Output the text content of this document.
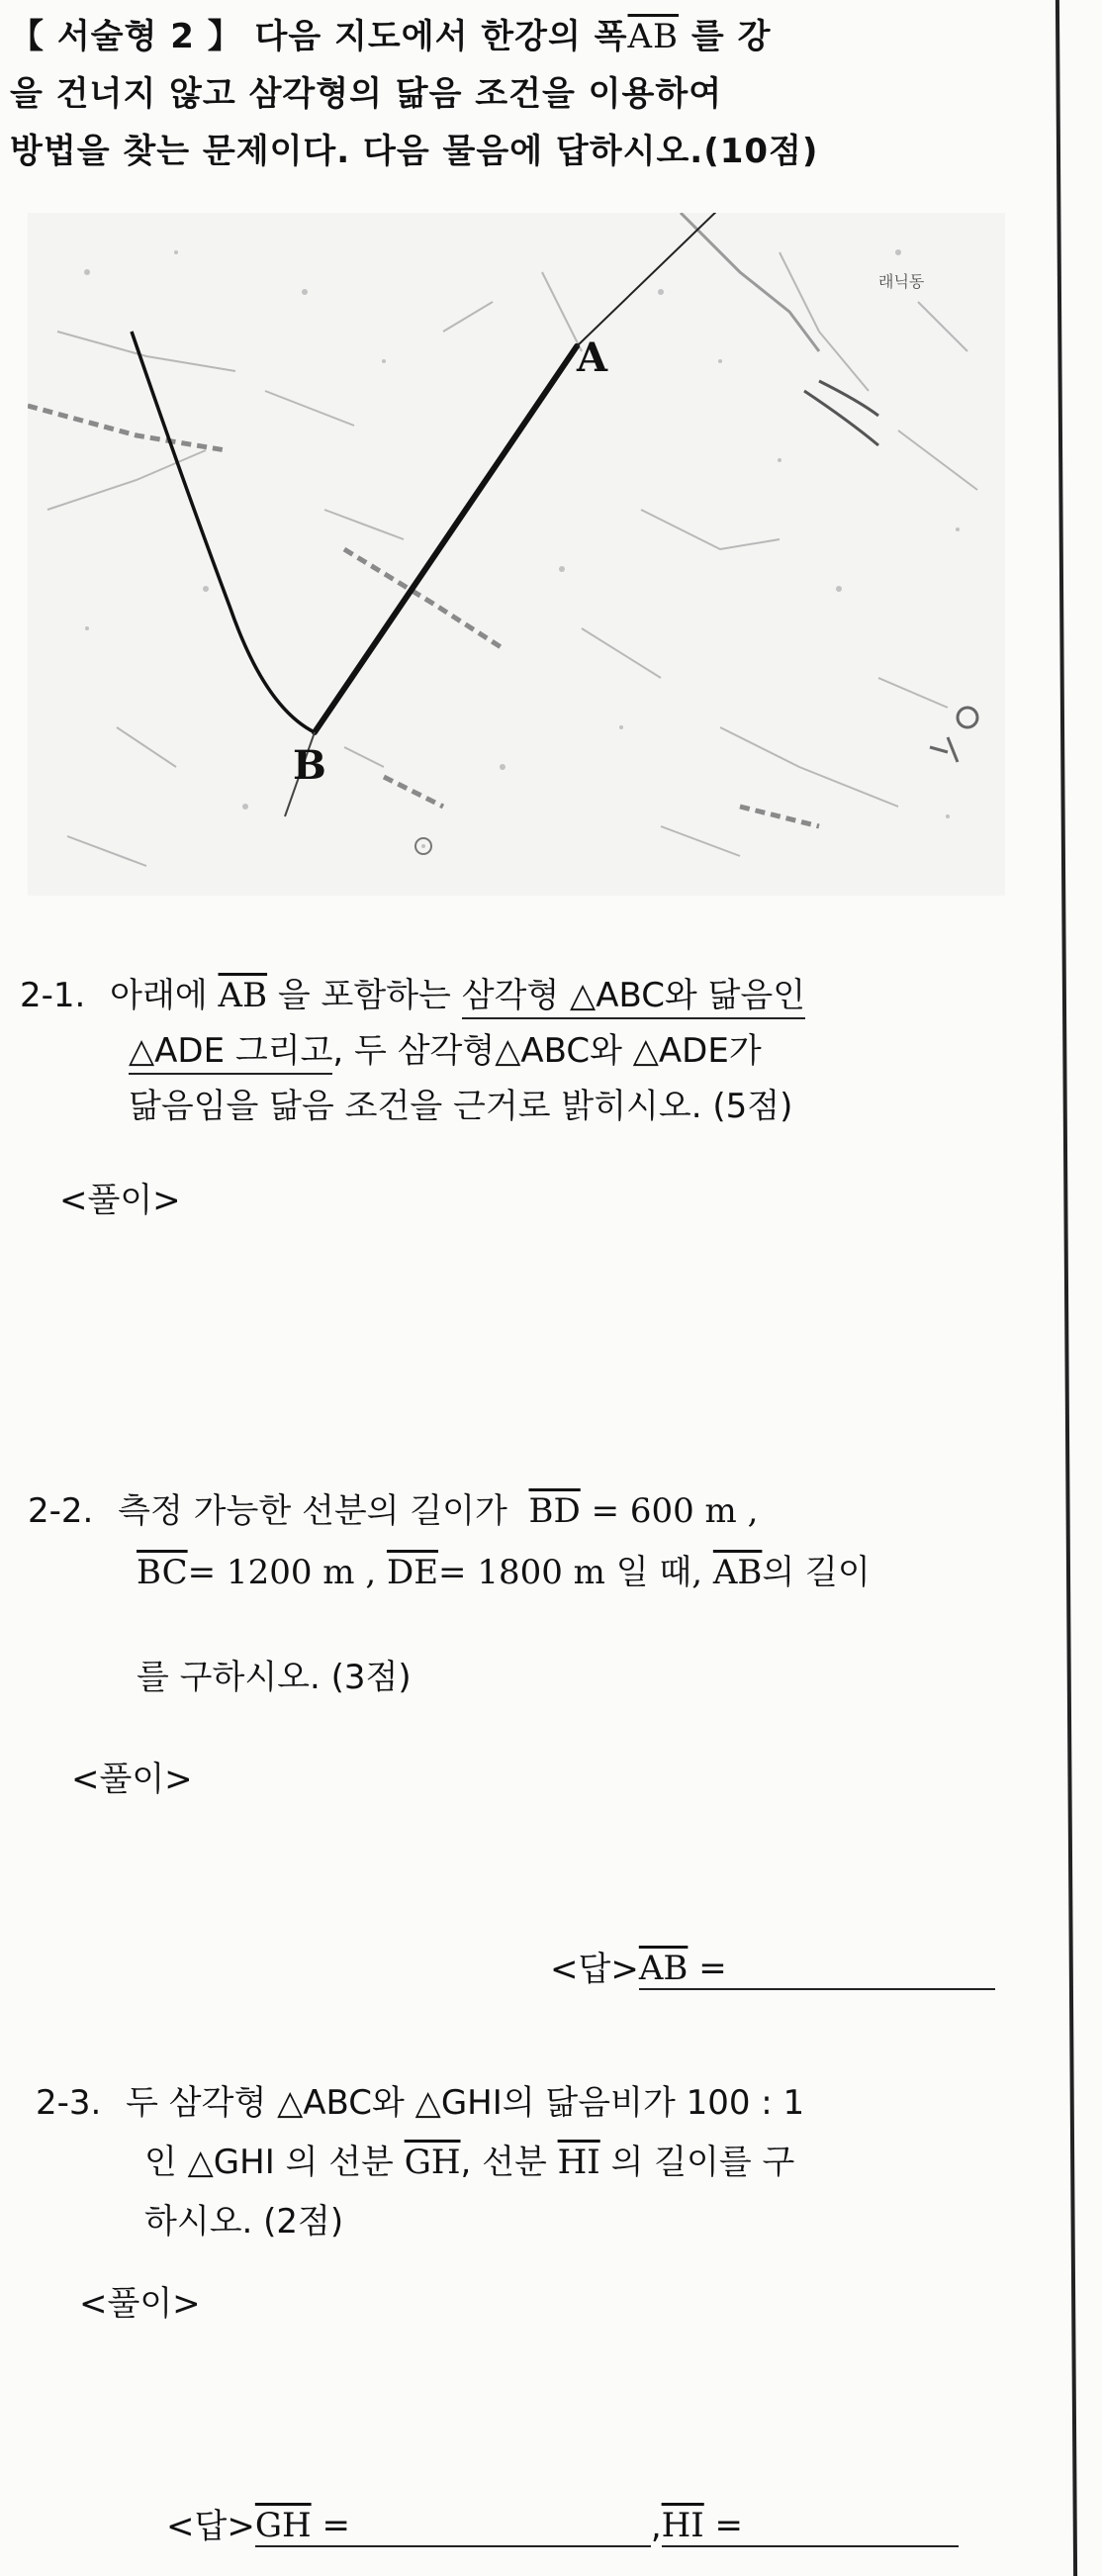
【 서술형 2 】 다음 지도에서 한강의 폭$\overline{AB}$ 를 강
을 건너지 않고 삼각형의 닮음 조건을 이용하여
방법을 찾는 문제이다. 다음 물음에 답하시오.(10점)
A
B
래닉동
2-1. 아래에 $\overline{AB}$ 을 포함하는 삼각형 △ABC와 닮음인
△ADE 그리고, 두 삼각형△ABC와 △ADE가
닮음임을 닮음 조건을 근거로 밝히시오. (5점)
<풀이>
2-2. 측정 가능한 선분의 길이가 $\overline{BD} = 600$ m ,
$\overline{BC}= 1200$ m , $\overline{DE}= 1800$ m 일 때, $\overline{AB}$의 길이
를 구하시오. (3점)
<풀이>
<답$>\overline{AB}$ =
2-3. 두 삼각형 △ABC와 △GHI의 닮음비가 100 : 1
인 △GHI 의 선분 $\overline{GH}$, 선분 $\overline{HI}$ 의 길이를 구
하시오. (2점)
<풀이>
<답$>\overline{GH}$ =	$,\overline{HI}$ =
